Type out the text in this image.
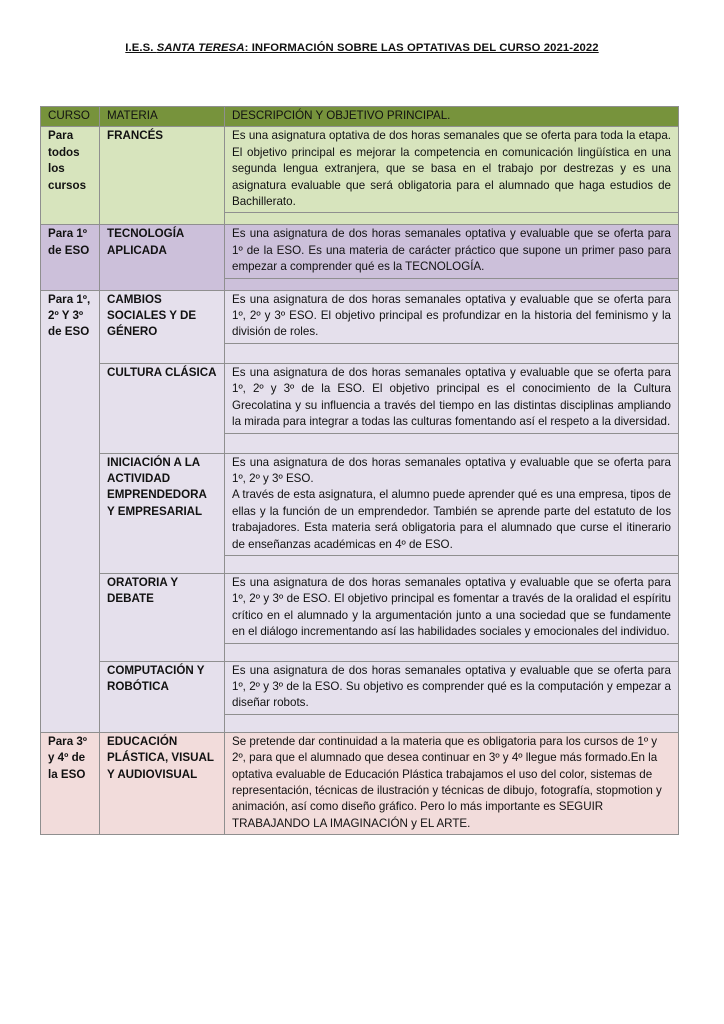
I.E.S. SANTA TERESA: INFORMACIÓN SOBRE LAS OPTATIVAS DEL CURSO 2021-2022
CURSO	MATERIA	DESCRIPCIÓN Y OBJETIVO PRINCIPAL.
Para todos los cursos	FRANCÉS	Es una asignatura optativa de dos horas semanales que se oferta para toda la etapa. El objetivo principal es mejorar la competencia en comunicación lingüística en una segunda lengua extranjera, que se basa en el trabajo por destrezas y es una asignatura evaluable que será obligatoria para el alumnado que haga estudios de Bachillerato.

Para 1º de ESO	TECNOLOGÍA APLICADA	Es una asignatura de dos horas semanales optativa y evaluable que se oferta para 1º de la ESO. Es una materia de carácter práctico que supone un primer paso para empezar a comprender qué es la TECNOLOGÍA.

Para 1º, 2º Y 3º de ESO	CAMBIOS SOCIALES Y DE GÉNERO	Es una asignatura de dos horas semanales optativa y evaluable que se oferta para 1º, 2º y 3º ESO. El objetivo principal es profundizar en la historia del feminismo y la división de roles.

	CULTURA CLÁSICA	Es una asignatura de dos horas semanales optativa y evaluable que se oferta para 1º, 2º y 3º de la ESO. El objetivo principal es el conocimiento de la Cultura Grecolatina y su influencia a través del tiempo en las distintas disciplinas ampliando la mirada para integrar a todas las culturas fomentando así el respeto a la diversidad.

	INICIACIÓN A LA ACTIVIDAD EMPRENDEDORA Y EMPRESARIAL	Es una asignatura de dos horas semanales optativa y evaluable que se oferta para 1º, 2º y 3º ESO.
A través de esta asignatura, el alumno puede aprender qué es una empresa, tipos de ellas y la función de un emprendedor. También se aprende parte del estatuto de los trabajadores. Esta materia será obligatoria para el alumnado que curse el itinerario de enseñanzas académicas en 4º de ESO.

	ORATORIA Y DEBATE	Es una asignatura de dos horas semanales optativa y evaluable que se oferta para 1º, 2º y 3º de ESO. El objetivo principal es fomentar a través de la oralidad el espíritu crítico en el alumnado y la argumentación junto a una sociedad que se fundamente en el diálogo incrementando así las habilidades sociales y emocionales del individuo.

	COMPUTACIÓN Y ROBÓTICA	Es una asignatura de dos horas semanales optativa y evaluable que se oferta para 1º, 2º y 3º de la ESO. Su objetivo es comprender qué es la computación y empezar a diseñar robots.

Para 3º y 4º de la ESO	EDUCACIÓN PLÁSTICA, VISUAL Y AUDIOVISUAL	Se pretende dar continuidad a la materia que es obligatoria para los cursos de 1º y 2º, para que el alumnado que desea continuar en 3º y 4º llegue más formado.En la optativa evaluable de Educación Plástica trabajamos el uso del color, sistemas de representación, técnicas de ilustración y técnicas de dibujo, fotografía, stopmotion y animación, así como diseño gráfico. Pero lo más importante es SEGUIR TRABAJANDO LA IMAGINACIÓN y EL ARTE.
